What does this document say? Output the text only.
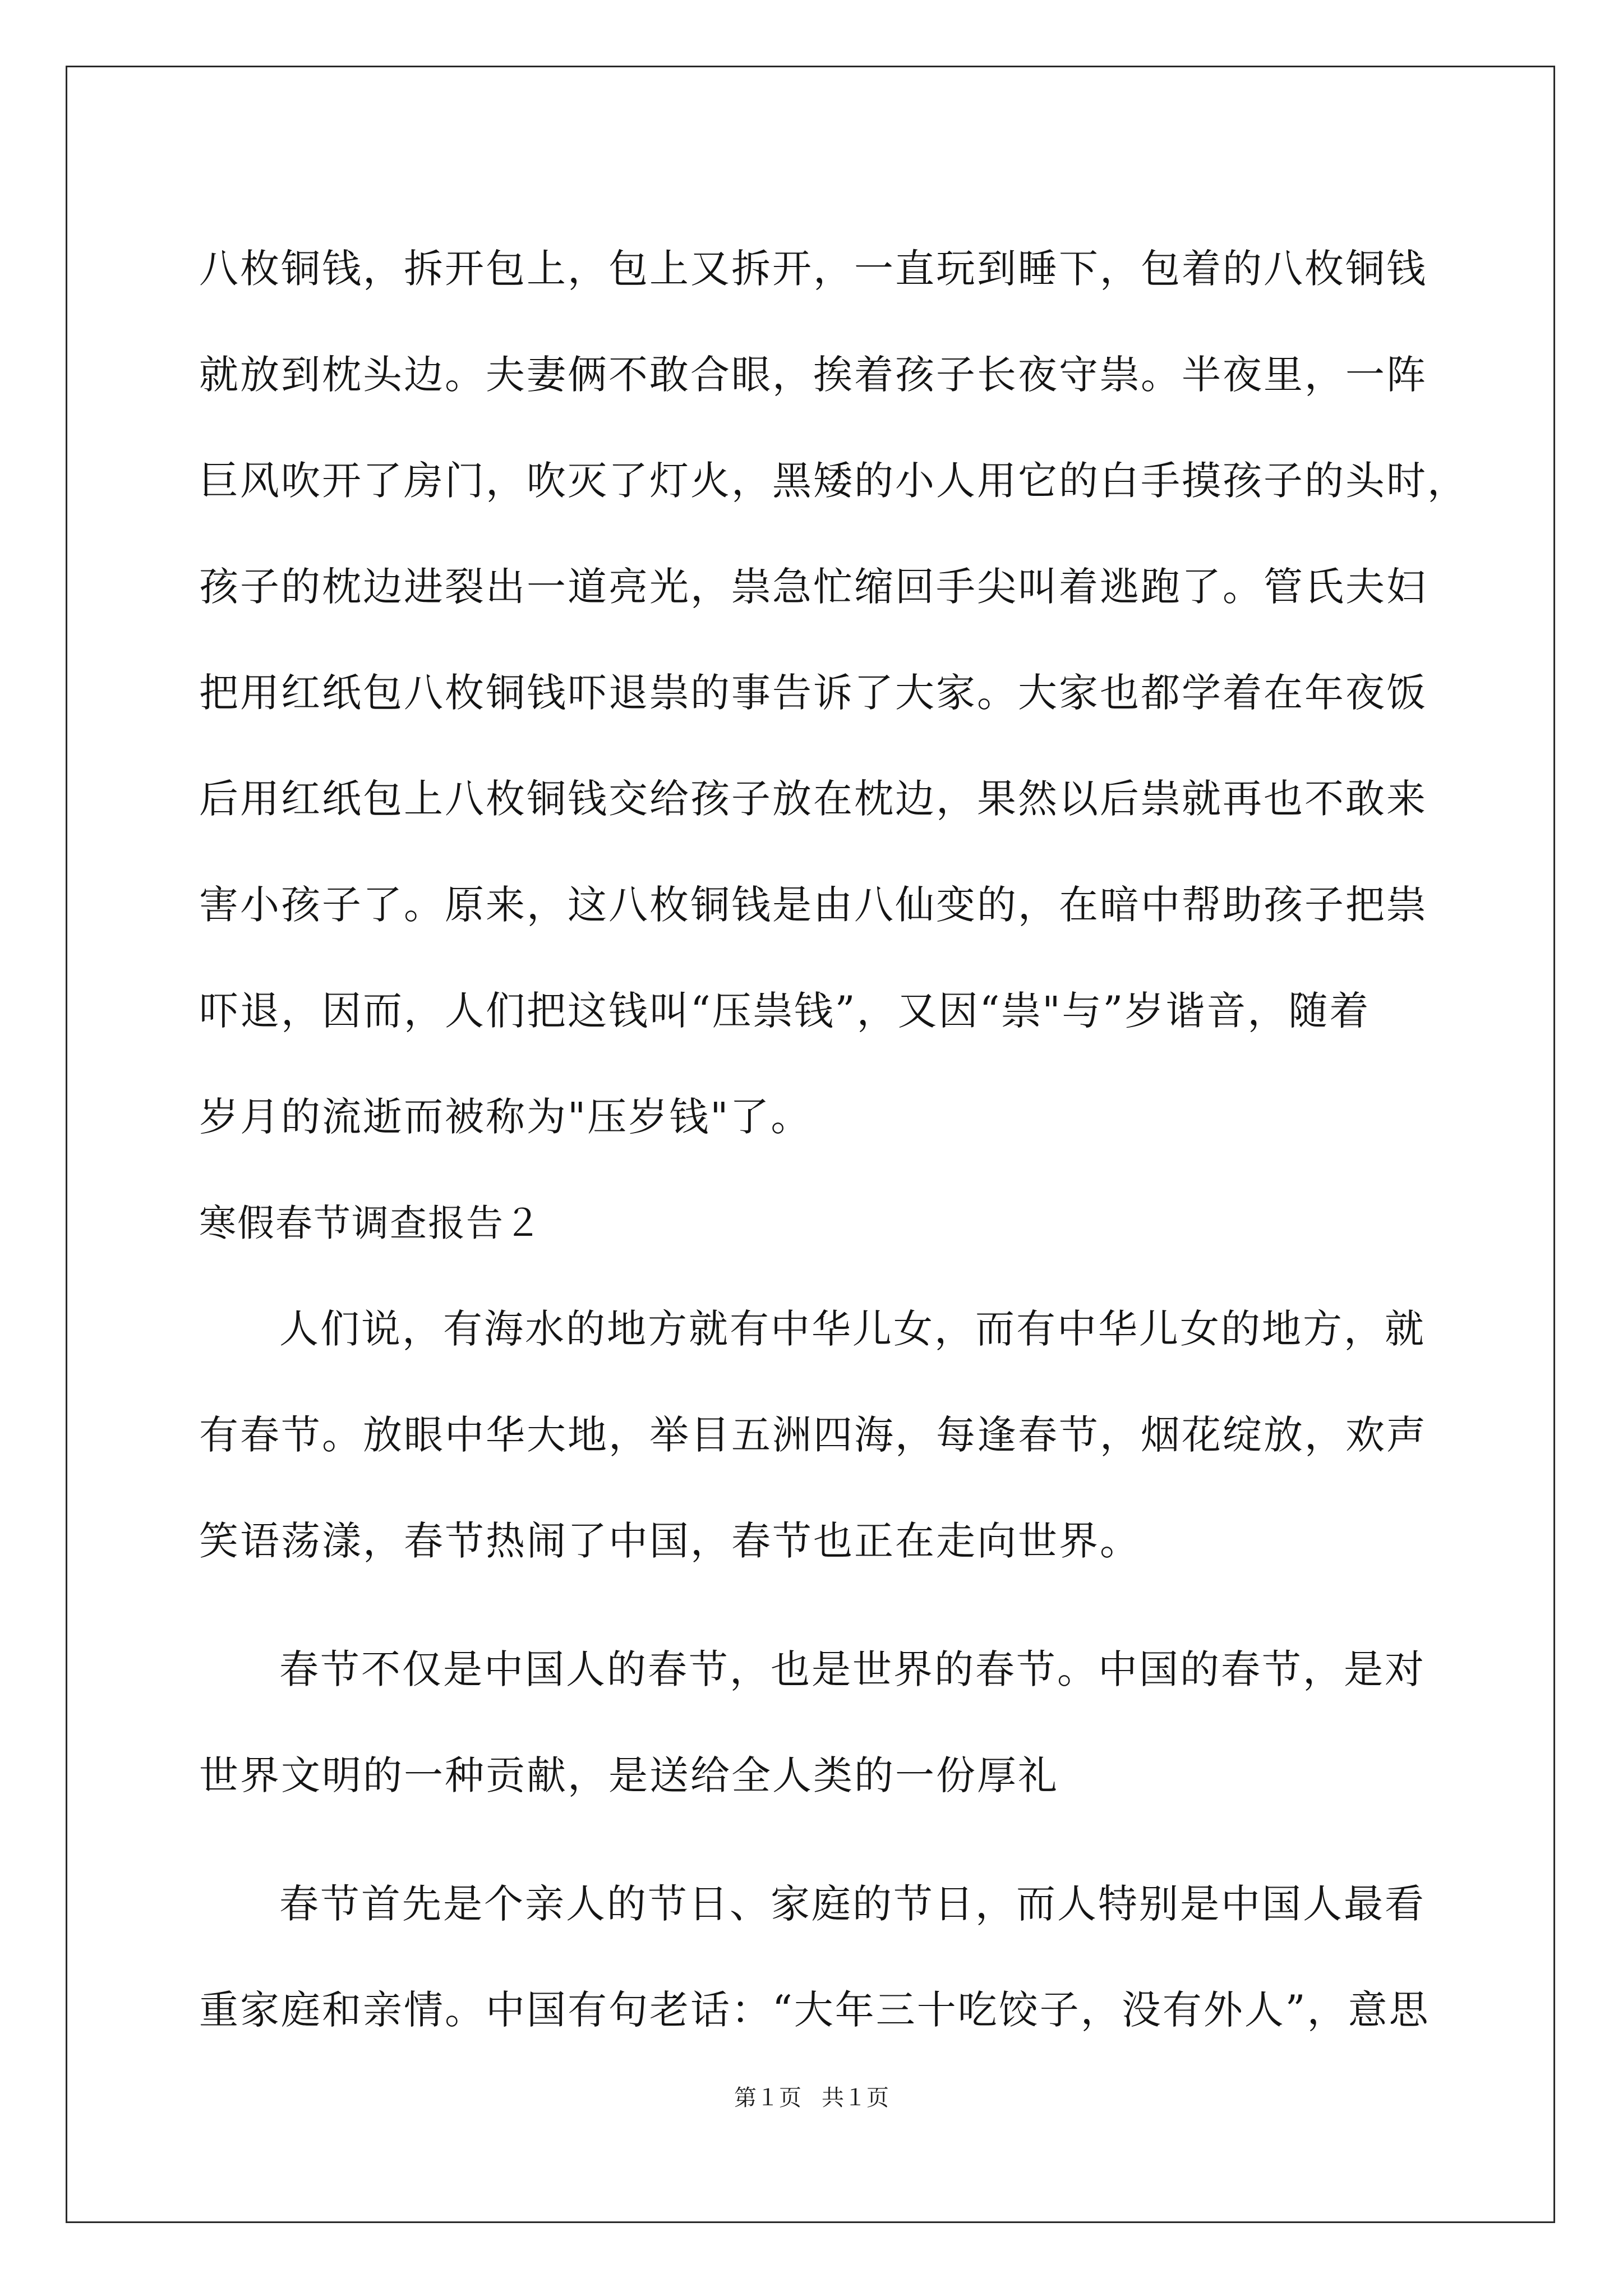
八枚铜钱，拆开包上，包上又拆开，一直玩到睡下，包着的八枚铜钱
就放到枕头边。夫妻俩不敢合眼，挨着孩子长夜守祟。半夜里，一阵
巨风吹开了房门，吹灭了灯火，黑矮的小人用它的白手摸孩子的头时，
孩子的枕边进裂出一道亮光，祟急忙缩回手尖叫着逃跑了。管氏夫妇
把用红纸包八枚铜钱吓退祟的事告诉了大家。大家也都学着在年夜饭
后用红纸包上八枚铜钱交给孩子放在枕边，果然以后祟就再也不敢来
害小孩子了。原来，这八枚铜钱是由八仙变的，在暗中帮助孩子把祟
吓退，因而，人们把这钱叫“压祟钱”，又因“祟"与”岁谐音，随着
岁月的流逝而被称为"压岁钱"了。
寒假春节调查报告２
人们说，有海水的地方就有中华儿女，而有中华儿女的地方，就
有春节。放眼中华大地，举目五洲四海，每逢春节，烟花绽放，欢声
笑语荡漾，春节热闹了中国，春节也正在走向世界。
春节不仅是中国人的春节，也是世界的春节。中国的春节，是对
世界文明的一种贡献，是送给全人类的一份厚礼
春节首先是个亲人的节日、家庭的节日，而人特别是中国人最看
重家庭和亲情。中国有句老话：“大年三十吃饺子，没有外人”，意思
第１页 共１页
